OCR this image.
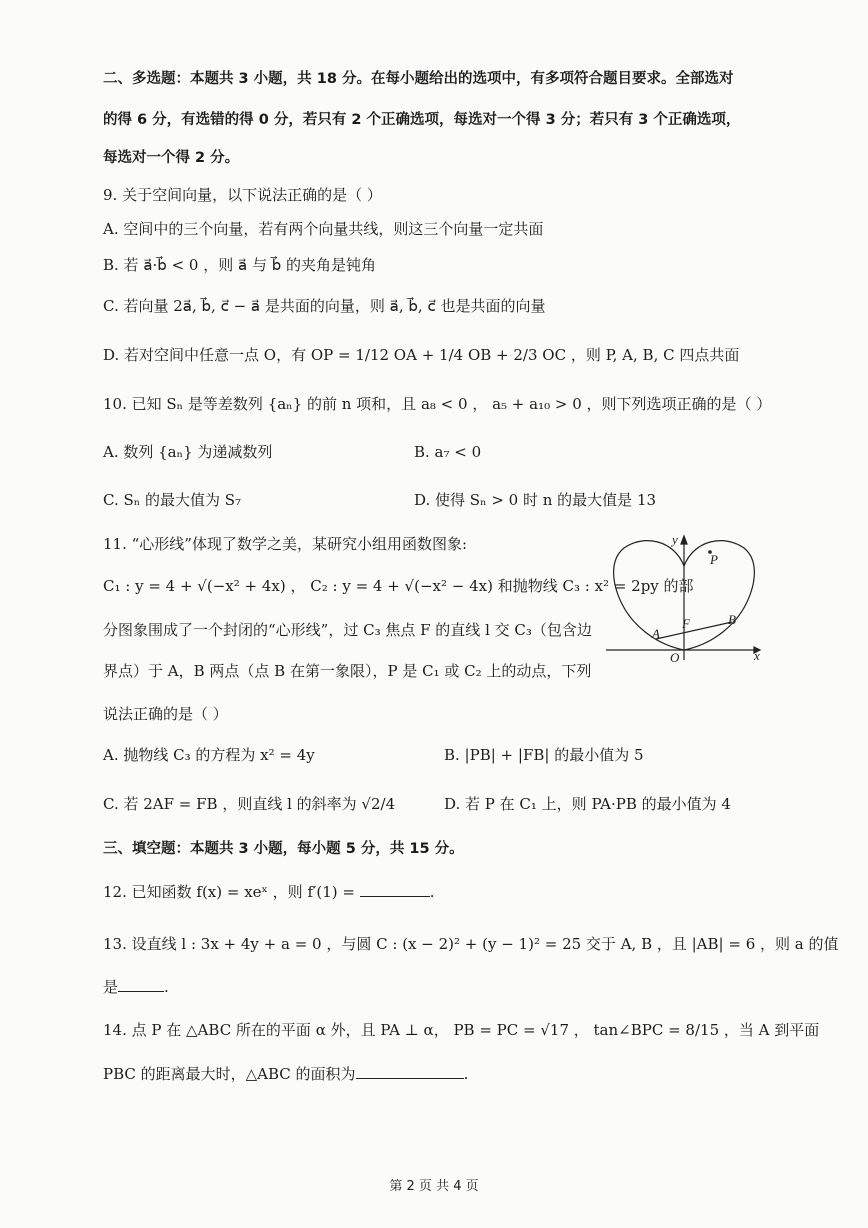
二、多选题：本题共 3 小题，共 18 分。在每小题给出的选项中，有多项符合题目要求。全部选对
的得 6 分，有选错的得 0 分，若只有 2 个正确选项，每选对一个得 3 分；若只有 3 个正确选项，
每选对一个得 2 分。
9. 关于空间向量，以下说法正确的是（ ）
A. 空间中的三个向量，若有两个向量共线，则这三个向量一定共面
B. 若 a⃗·b⃗ < 0 ，则 a⃗ 与 b⃗ 的夹角是钝角
C. 若向量 2a⃗, b⃗, c⃗ − a⃗ 是共面的向量，则 a⃗, b⃗, c⃗ 也是共面的向量
D. 若对空间中任意一点 O，有 OP = 1/12 OA + 1/4 OB + 2/3 OC ，则 P, A, B, C 四点共面
10. 已知 Sₙ 是等差数列 {aₙ} 的前 n 项和，且 a₈ < 0 ， a₅ + a₁₀ > 0 ，则下列选项正确的是（ ）
A. 数列 {aₙ} 为递减数列	B. a₇ < 0
C. Sₙ 的最大值为 S₇	D. 使得 Sₙ > 0 时 n 的最大值是 13
11. “心形线”体现了数学之美，某研究小组用函数图象:
C₁ : y = 4 + √(−x² + 4x) ， C₂ : y = 4 + √(−x² − 4x) 和抛物线 C₃ : x² = 2py 的部
分图象围成了一个封闭的“心形线”，过 C₃ 焦点 F 的直线 l 交 C₃（包含边
界点）于 A，B 两点（点 B 在第一象限），P 是 C₁ 或 C₂ 上的动点，下列
说法正确的是（ ）
y
x
O
P
A
F	B
A. 抛物线 C₃ 的方程为 x² = 4y	B. |PB| + |FB| 的最小值为 5
C. 若 2AF = FB ，则直线 l 的斜率为 √2/4	D. 若 P 在 C₁ 上，则 PA·PB 的最小值为 4
三、填空题：本题共 3 小题，每小题 5 分，共 15 分。
12. 已知函数 f(x) = xeˣ ，则 f′(1) =	.
13. 设直线 l : 3x + 4y + a = 0 ，与圆 C : (x − 2)² + (y − 1)² = 25 交于 A, B ，且 |AB| = 6 ，则 a 的值
是	.
14. 点 P 在 △ABC 所在的平面 α 外，且 PA ⊥ α， PB = PC = √17 ， tan∠BPC = 8/15 ，当 A 到平面
PBC 的距离最大时，△ABC 的面积为	.
第 2 页 共 4 页
